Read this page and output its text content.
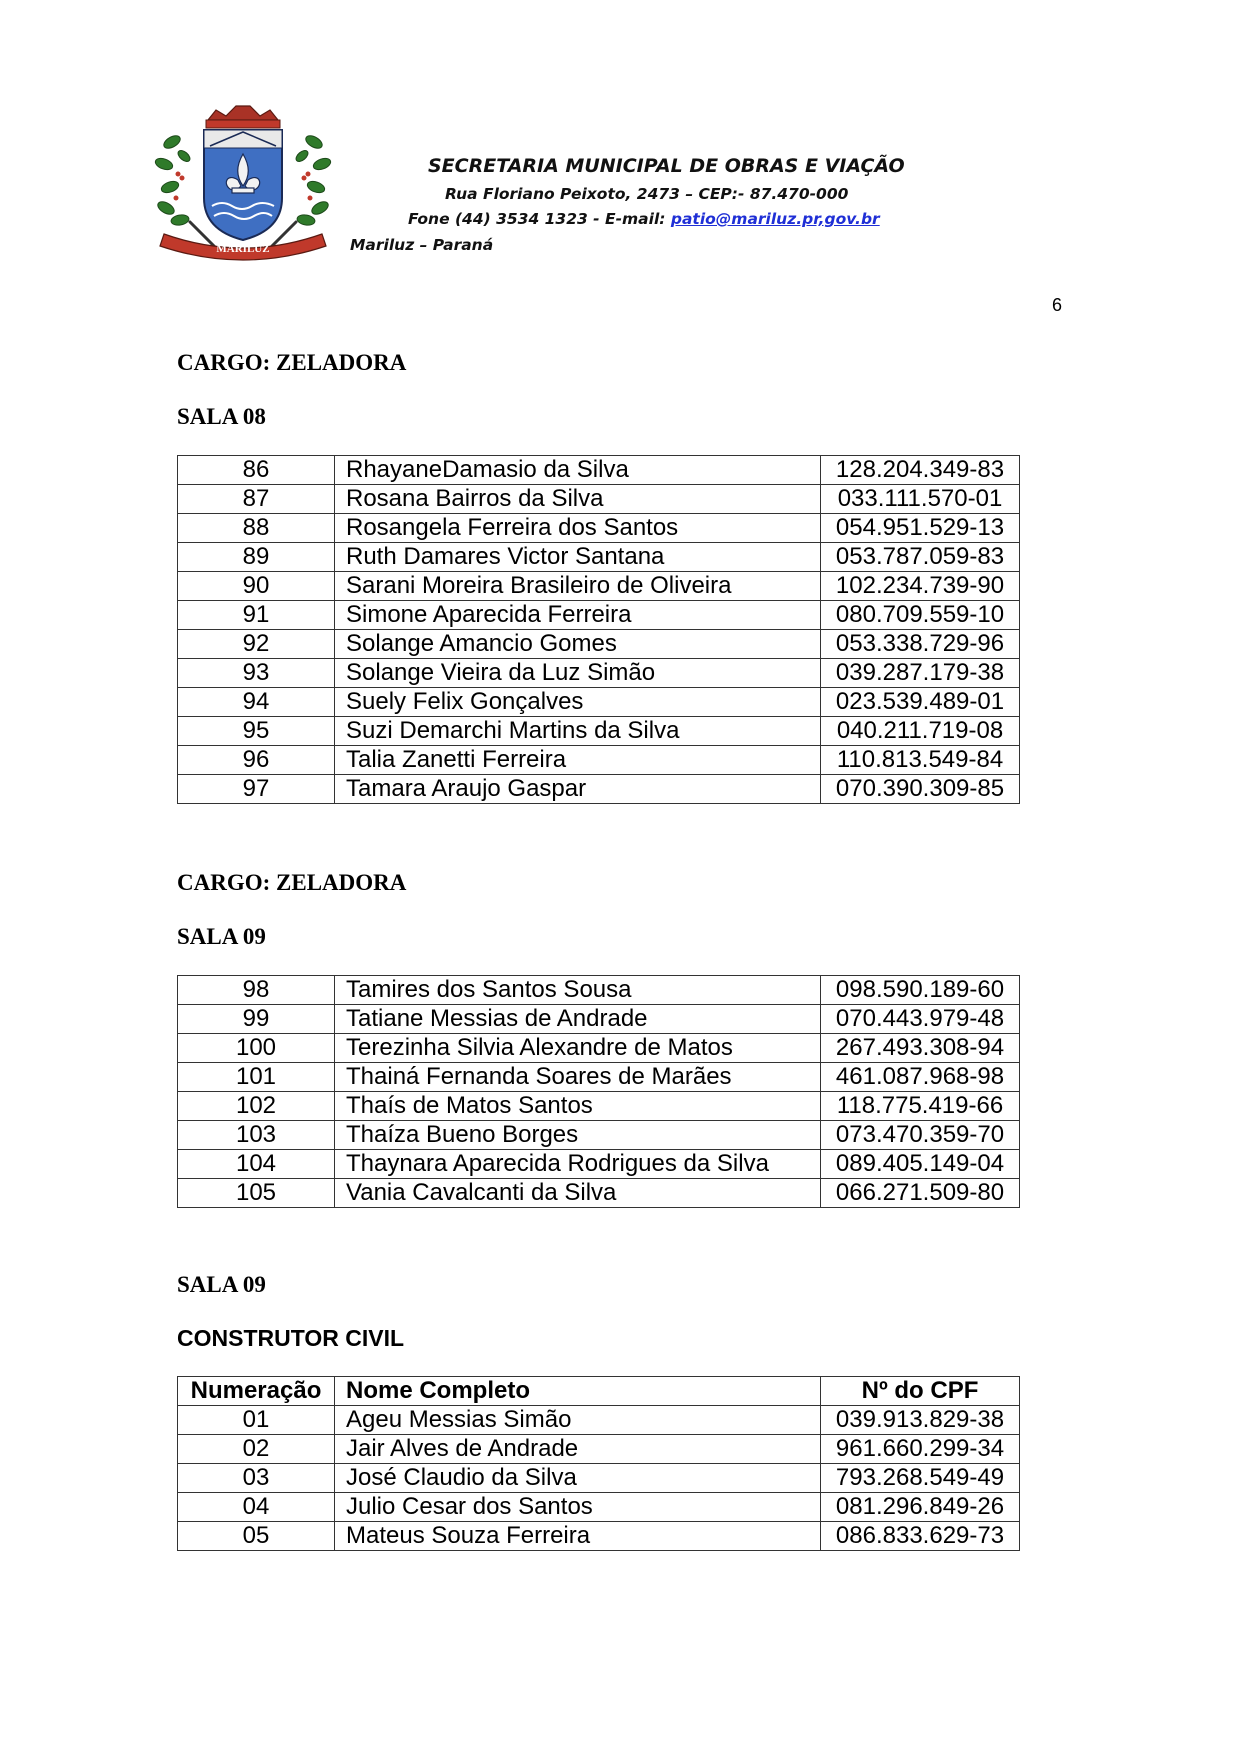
MARILUZ
SECRETARIA MUNICIPAL DE OBRAS E VIAÇÃO
Rua Floriano Peixoto, 2473 – CEP:- 87.470-000
Fone (44) 3534 1323 - E-mail: patio@mariluz.pr,gov.br
Mariluz – Paraná
6
CARGO: ZELADORA
SALA 08
86	RhayaneDamasio da Silva	128.204.349-83
87	Rosana Bairros da Silva	033.111.570-01
88	Rosangela Ferreira dos Santos	054.951.529-13
89	Ruth Damares Victor Santana	053.787.059-83
90	Sarani Moreira Brasileiro de Oliveira	102.234.739-90
91	Simone Aparecida Ferreira	080.709.559-10
92	Solange Amancio Gomes	053.338.729-96
93	Solange Vieira da Luz Simão	039.287.179-38
94	Suely Felix Gonçalves	023.539.489-01
95	Suzi Demarchi Martins da Silva	040.211.719-08
96	Talia Zanetti Ferreira	110.813.549-84
97	Tamara Araujo Gaspar	070.390.309-85
CARGO: ZELADORA
SALA 09
98	Tamires dos Santos Sousa	098.590.189-60
99	Tatiane Messias de Andrade	070.443.979-48
100	Terezinha Silvia Alexandre de Matos	267.493.308-94
101	Thainá Fernanda Soares de Marães	461.087.968-98
102	Thaís de Matos Santos	118.775.419-66
103	Thaíza Bueno Borges	073.470.359-70
104	Thaynara Aparecida Rodrigues da Silva	089.405.149-04
105	Vania Cavalcanti da Silva	066.271.509-80
SALA 09
CONSTRUTOR CIVIL
Numeração	Nome Completo	Nº do CPF
01	Ageu Messias Simão	039.913.829-38
02	Jair Alves de Andrade	961.660.299-34
03	José Claudio da Silva	793.268.549-49
04	Julio Cesar dos Santos	081.296.849-26
05	Mateus Souza Ferreira	086.833.629-73
